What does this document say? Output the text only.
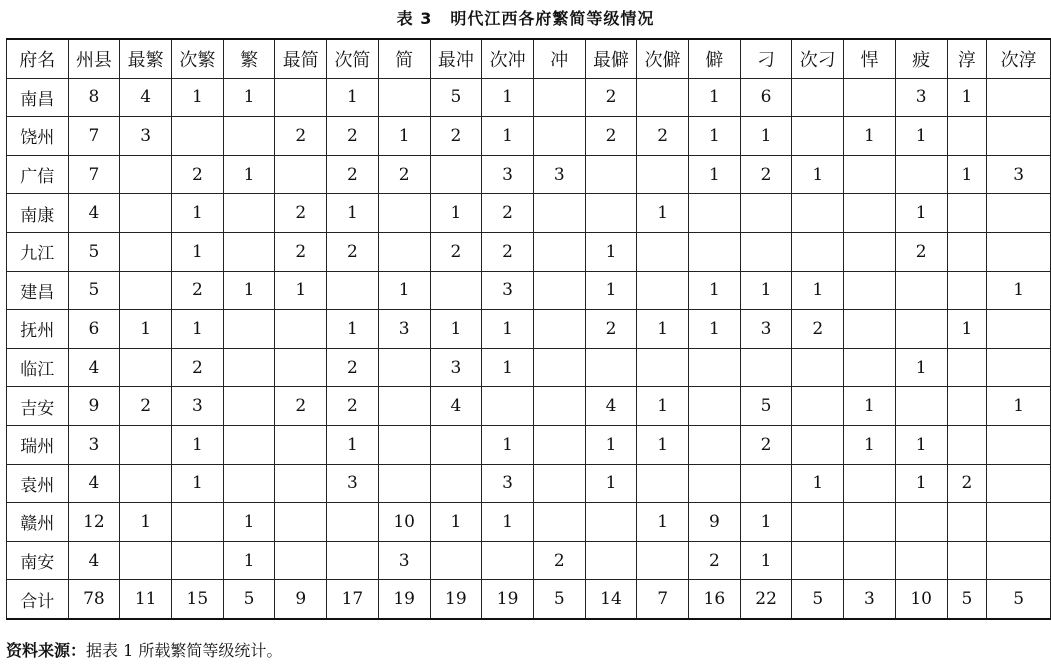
表 3 明代江西各府繁简等级情况
府名	州县	最繁	次繁	繁	最简	次简	简	最冲	次冲	冲	最僻	次僻	僻	刁	次刁	悍	疲	淳	次淳
南昌	8	4	1	1		1		5	1		2		1	6			3	1	
饶州	7	3			2	2	1	2	1		2	2	1	1		1	1		
广信	7		2	1		2	2		3	3			1	2	1			1	3
南康	4		1		2	1		1	2			1					1		
九江	5		1		2	2		2	2		1						2		
建昌	5		2	1	1		1		3		1		1	1	1				1
抚州	6	1	1			1	3	1	1		2	1	1	3	2			1	
临江	4		2			2		3	1								1		
吉安	9	2	3		2	2		4			4	1		5		1			1
瑞州	3		1			1			1		1	1		2		1	1		
袁州	4		1			3			3		1				1		1	2	
赣州	12	1		1			10	1	1			1	9	1					
南安	4			1			3			2			2	1					
合计	78	11	15	5	9	17	19	19	19	5	14	7	16	22	5	3	10	5	5
资料来源：据表 1 所载繁简等级统计。
